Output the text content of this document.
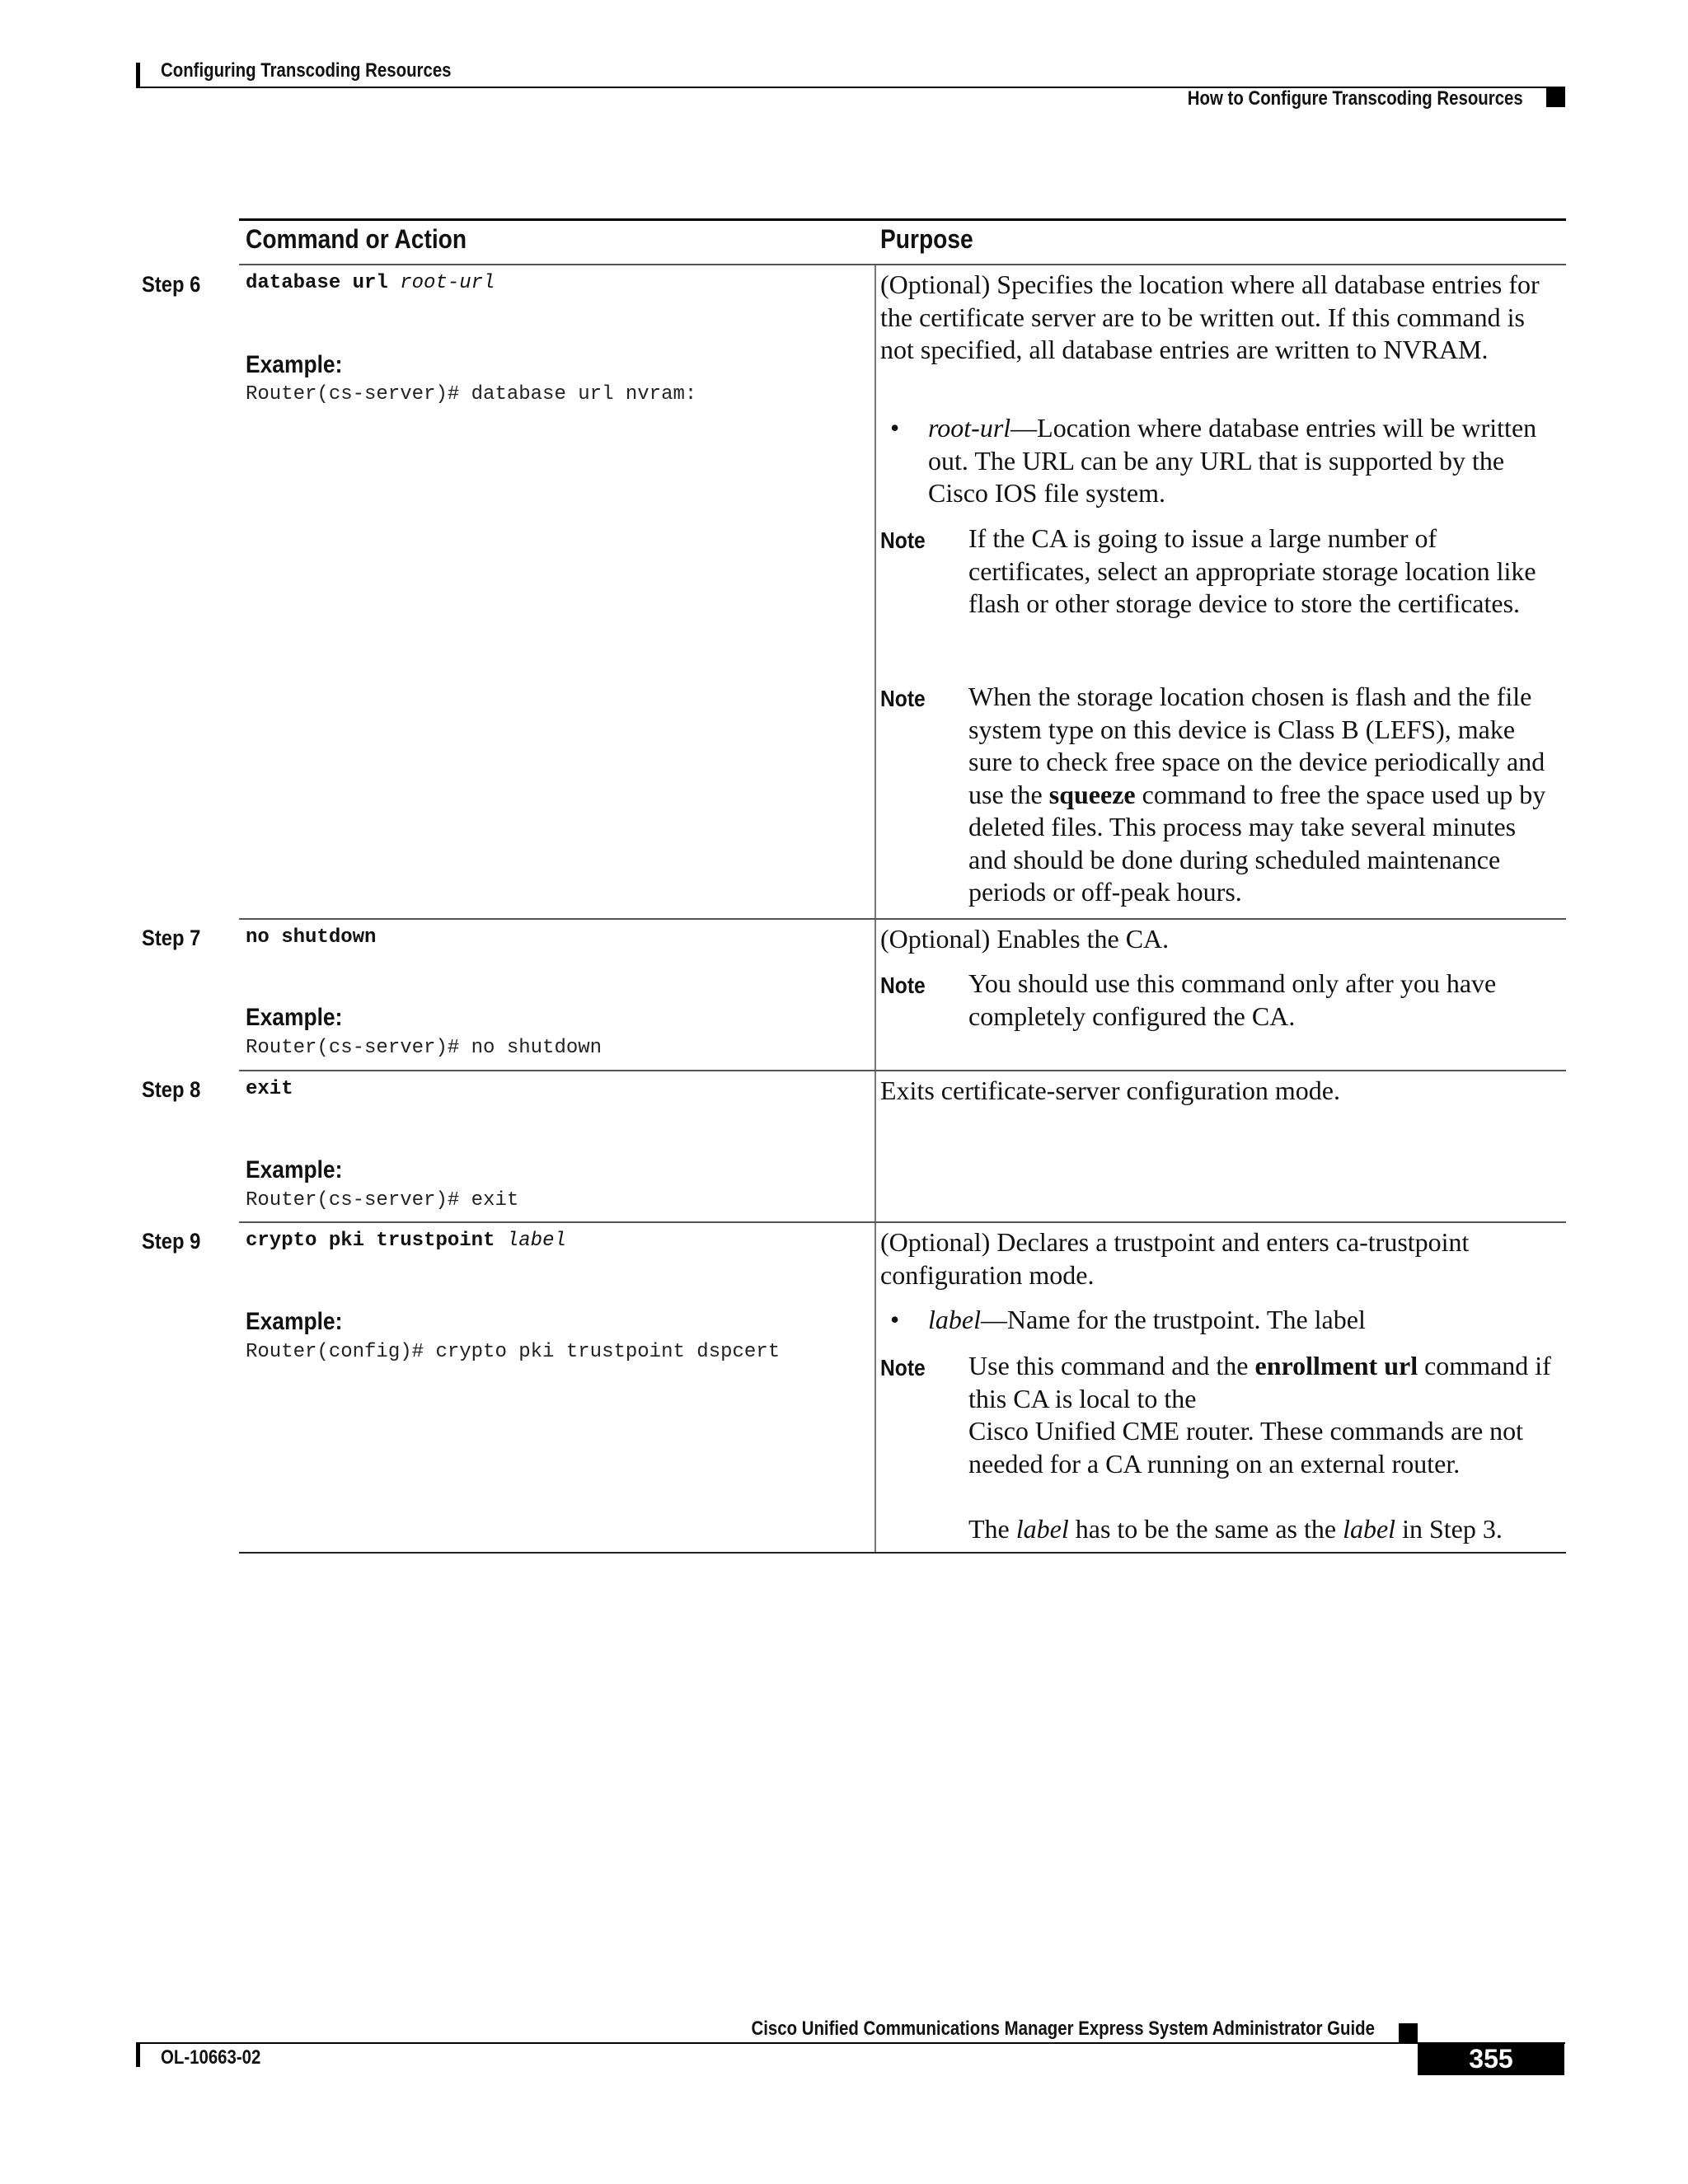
Configuring Transcoding Resources
How to Configure Transcoding Resources
Command or Action	Purpose
Step 6 database url root-url
Example:
Router(cs-server)# database url nvram:
(Optional) Specifies the location where all database entries for the certificate server are to be written out. If this command is not specified, all database entries are written to NVRAM.
• root-url—Location where database entries will be written out. The URL can be any URL that is supported by the Cisco IOS file system.
Note If the CA is going to issue a large number of certificates, select an appropriate storage location like flash or other storage device to store the certificates.
Note When the storage location chosen is flash and the file system type on this device is Class B (LEFS), make sure to check free space on the device periodically and use the squeeze command to free the space used up by deleted files. This process may take several minutes and should be done during scheduled maintenance periods or off-peak hours.
Step 7 no shutdown
Example:
Router(cs-server)# no shutdown
(Optional) Enables the CA.
Note You should use this command only after you have completely configured the CA.
Step 8 exit
Example:
Router(cs-server)# exit
Exits certificate-server configuration mode.
Step 9 crypto pki trustpoint label
Example:
Router(config)# crypto pki trustpoint dspcert
(Optional) Declares a trustpoint and enters ca-trustpoint configuration mode.
• label—Name for the trustpoint. The label
Note Use this command and the enrollment url command if this CA is local to the
Cisco Unified CME router. These commands are not needed for a CA running on an external router.
The label has to be the same as the label in Step 3.
Cisco Unified Communications Manager Express System Administrator Guide
OL-10663-02	355
